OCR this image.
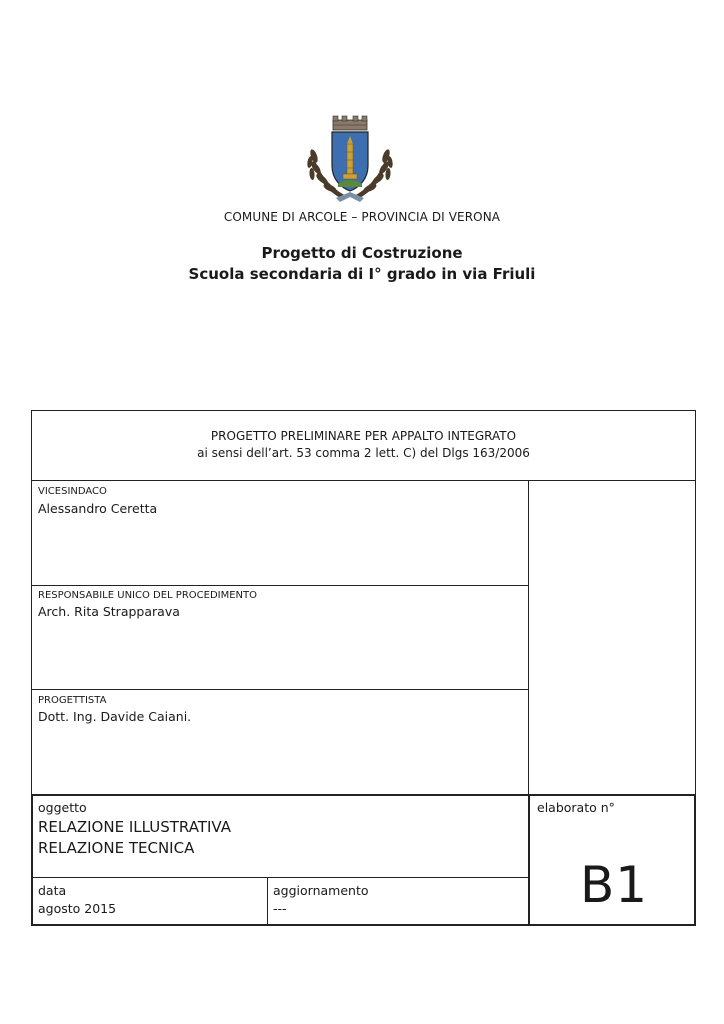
COMUNE DI ARCOLE – PROVINCIA DI VERONA
Progetto di Costruzione
Scuola secondaria di I° grado in via Friuli
PROGETTO PRELIMINARE PER APPALTO INTEGRATO
ai sensi dell’art. 53 comma 2 lett. C) del Dlgs 163/2006
VICESINDACO
Alessandro Ceretta
RESPONSABILE UNICO DEL PROCEDIMENTO
Arch. Rita Strapparava
PROGETTISTA
Dott. Ing. Davide Caiani.
oggetto
RELAZIONE ILLUSTRATIVA
RELAZIONE TECNICA
data
agosto 2015
aggiornamento
---
elaborato n°
B1
